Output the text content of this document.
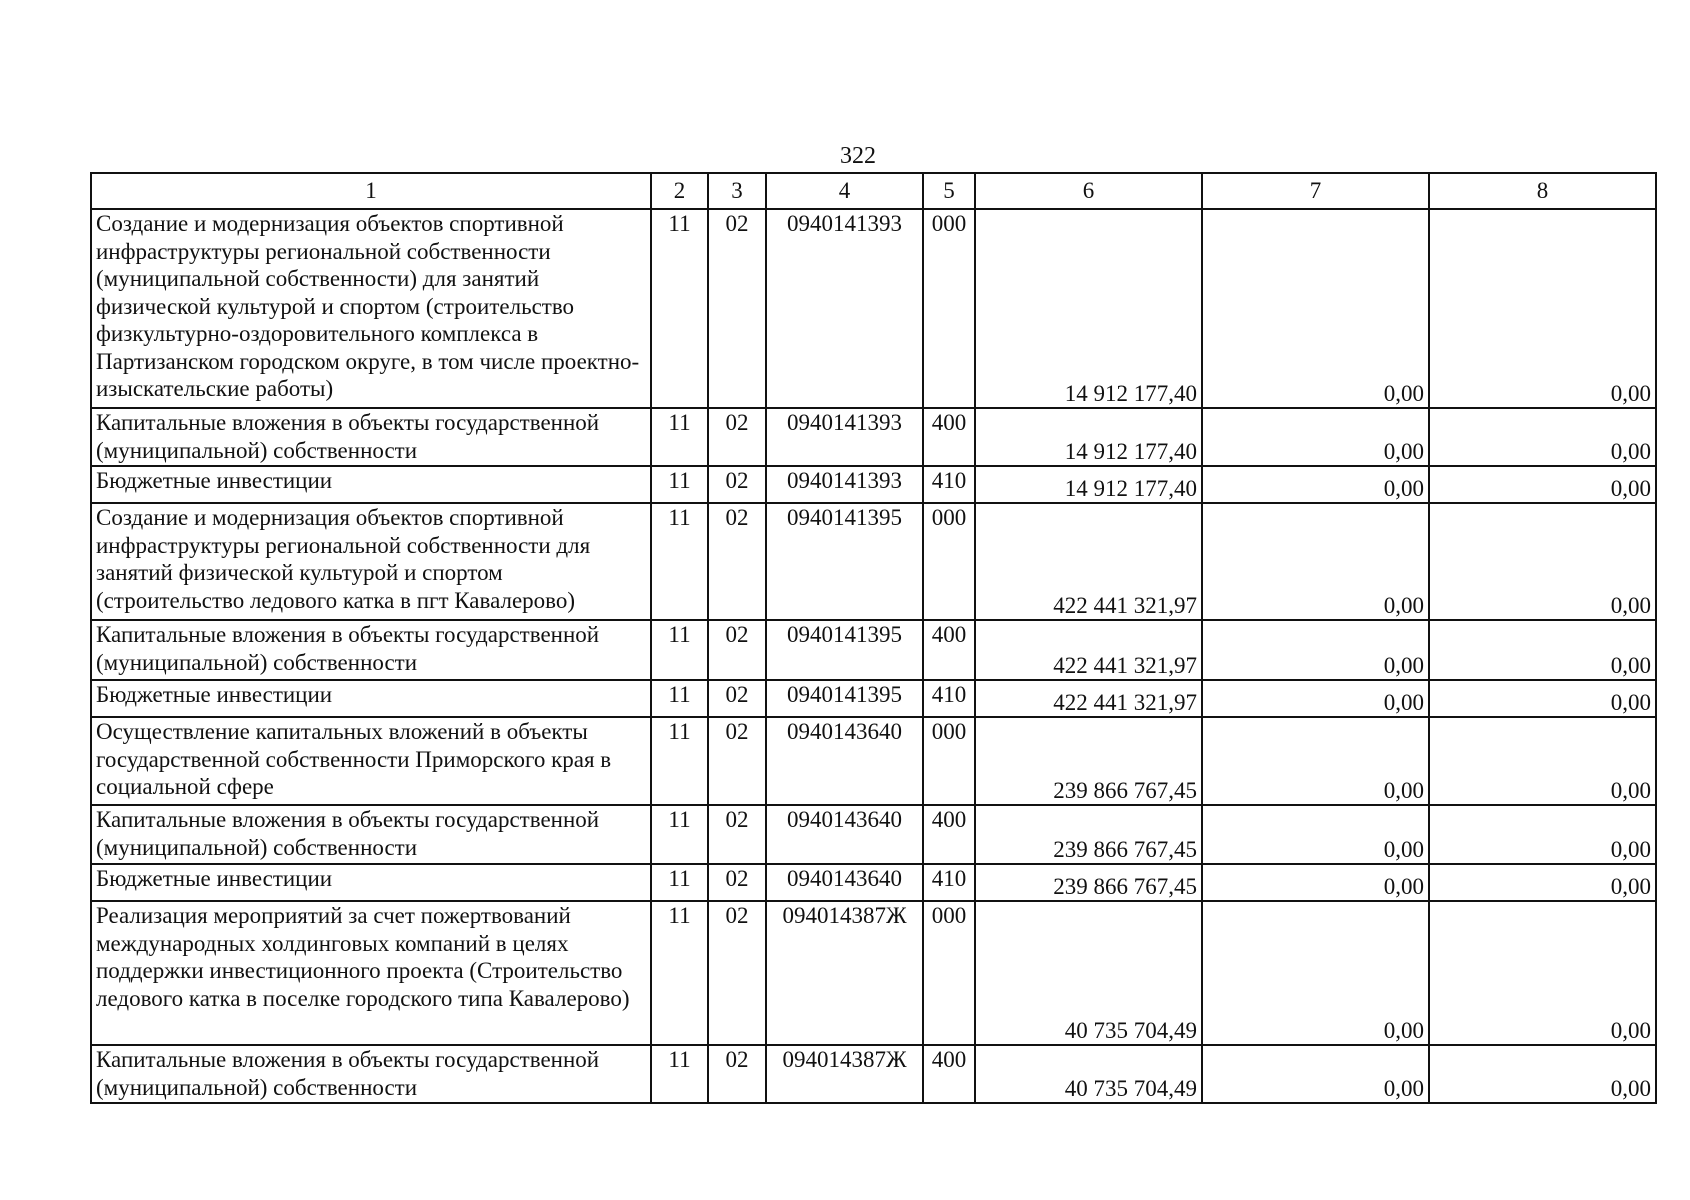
322
1	2	3	4	5	6	7	8
Создание и модернизация объектов спортивной инфраструктуры региональной собственности (муниципальной собственности) для занятий физической культурой и спортом (строительство физкультурно-оздоровительного комплекса в Партизанском городском округе, в том числе проектно-изыскательские работы)	11	02	0940141393	000	14 912 177,40	0,00	0,00
Капитальные вложения в объекты государственной (муниципальной) собственности	11	02	0940141393	400	14 912 177,40	0,00	0,00
Бюджетные инвестиции	11	02	0940141393	410	14 912 177,40	0,00	0,00
Создание и модернизация объектов спортивной инфраструктуры региональной собственности для занятий физической культурой и спортом (строительство ледового катка в пгт Кавалерово)	11	02	0940141395	000	422 441 321,97	0,00	0,00
Капитальные вложения в объекты государственной (муниципальной) собственности	11	02	0940141395	400	422 441 321,97	0,00	0,00
Бюджетные инвестиции	11	02	0940141395	410	422 441 321,97	0,00	0,00
Осуществление капитальных вложений в объекты государственной собственности Приморского края в социальной сфере	11	02	0940143640	000	239 866 767,45	0,00	0,00
Капитальные вложения в объекты государственной (муниципальной) собственности	11	02	0940143640	400	239 866 767,45	0,00	0,00
Бюджетные инвестиции	11	02	0940143640	410	239 866 767,45	0,00	0,00
Реализация мероприятий за счет пожертвований международных холдинговых компаний в целях поддержки инвестиционного проекта (Строительство ледового катка в поселке городского типа Кавалерово)	11	02	094014387Ж	000	40 735 704,49	0,00	0,00
Капитальные вложения в объекты государственной (муниципальной) собственности	11	02	094014387Ж	400	40 735 704,49	0,00	0,00
